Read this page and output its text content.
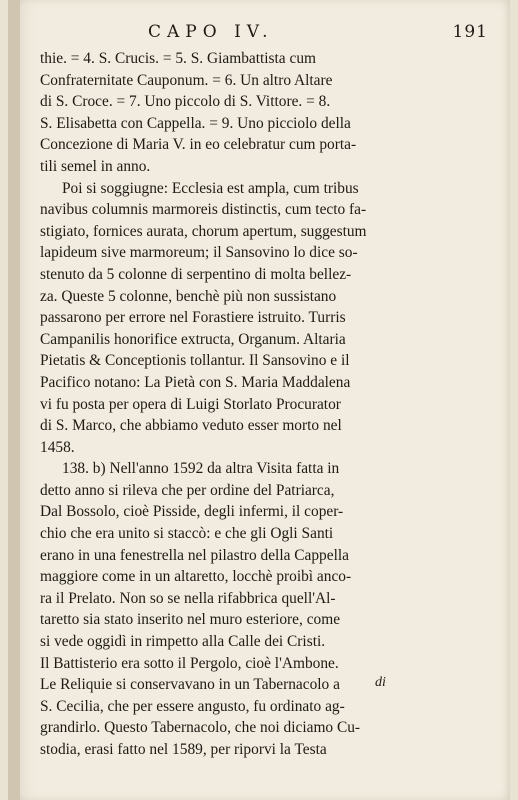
CAPO IV.	191
thie. = 4. S. Crucis. = 5. S. Giambattista cum
Confraternitate Cauponum. = 6. Un altro Altare
di S. Croce. = 7. Uno piccolo di S. Vittore. = 8.
S. Elisabetta con Cappella. = 9. Uno picciolo della
Concezione di Maria V. in eo celebratur cum porta-
tili semel in anno.
Poi si soggiugne: Ecclesia est ampla, cum tribus
navibus columnis marmoreis distinctis, cum tecto fa-
stigiato, fornices aurata, chorum apertum, suggestum
lapideum sive marmoreum; il Sansovino lo dice so-
stenuto da 5 colonne di serpentino di molta bellez-
za. Queste 5 colonne, benchè più non sussistano
passarono per errore nel Forastiere istruito. Turris
Campanilis honorifice extructa, Organum. Altaria
Pietatis & Conceptionis tollantur. Il Sansovino e il
Pacifico notano: La Pietà con S. Maria Maddalena
vi fu posta per opera di Luigi Storlato Procurator
di S. Marco, che abbiamo veduto esser morto nel
1458.
138. b) Nell'anno 1592 da altra Visita fatta in
detto anno si rileva che per ordine del Patriarca,
Dal Bossolo, cioè Pisside, degli infermi, il coper-
chio che era unito si staccò: e che gli Ogli Santi
erano in una fenestrella nel pilastro della Cappella
maggiore come in un altaretto, locchè proibì anco-
ra il Prelato. Non so se nella rifabbrica quell'Al-
taretto sia stato inserito nel muro esteriore, come
si vede oggidì in rimpetto alla Calle dei Cristi.
Il Battisterio era sotto il Pergolo, cioè l'Ambone.
Le Reliquie si conservavano in un Tabernacolo a
S. Cecilia, che per essere angusto, fu ordinato ag-
grandirlo. Questo Tabernacolo, che noi diciamo Cu-
stodia, erasi fatto nel 1589, per riporvi la Testa
di
